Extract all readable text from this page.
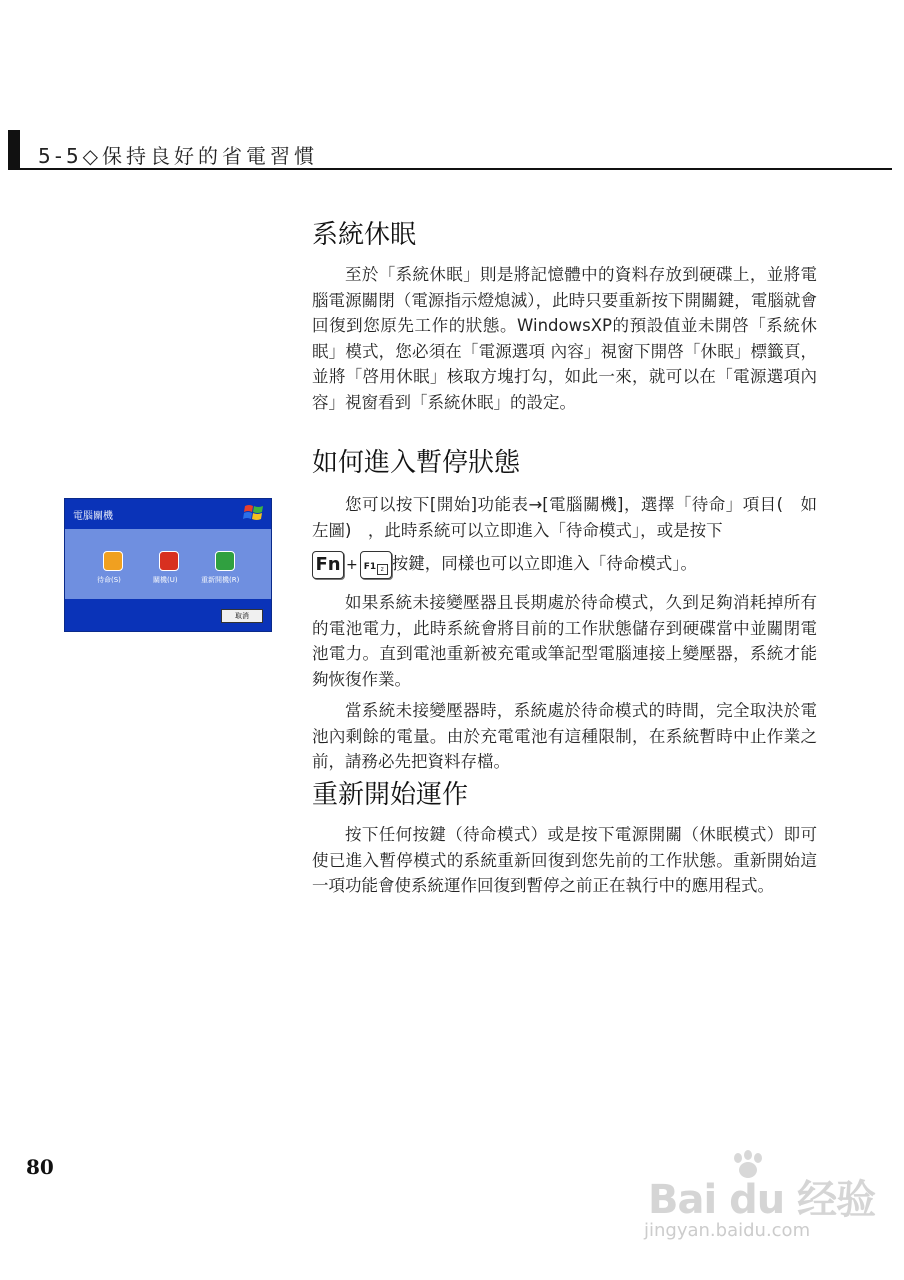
5-5◇保持良好的省電習慣
系統休眠

至於「系統休眠」則是將記憶體中的資料存放到硬碟上，並將電腦電源關閉（電源指示燈熄滅），此時只要重新按下開關鍵，電腦就會回復到您原先工作的狀態。WindowsXP的預設值並未開啓「系統休眠」模式，您必須在「電源選項 內容」視窗下開啓「休眠」標籤頁，並將「啓用休眠」核取方塊打勾，如此一來，就可以在「電源選項內容」視窗看到「系統休眠」的設定。

如何進入暫停狀態

您可以按下[開始]功能表→[電腦關機]，選擇「待命」項目(　如左圖)　，此時系統可以立即進入「待命模式」，或是按下

Fn + F1 z 按鍵，同樣也可以立即進入「待命模式」。

如果系統未接變壓器且長期處於待命模式，久到足夠消耗掉所有的電池電力，此時系統會將目前的工作狀態儲存到硬碟當中並關閉電池電力。直到電池重新被充電或筆記型電腦連接上變壓器，系統才能夠恢復作業。

當系統未接變壓器時，系統處於待命模式的時間，完全取決於電池內剩餘的電量。由於充電電池有這種限制，在系統暫時中止作業之前，請務必先把資料存檔。

重新開始運作

按下任何按鍵（待命模式）或是按下電源開關（休眠模式）即可使已進入暫停模式的系統重新回復到您先前的工作狀態。重新開始這一項功能會使系統運作回復到暫停之前正在執行中的應用程式。

電腦關機
待命(S)	關機(U)	重新開機(R)
取消
80
Bai du 经验
jingyan.baidu.com
